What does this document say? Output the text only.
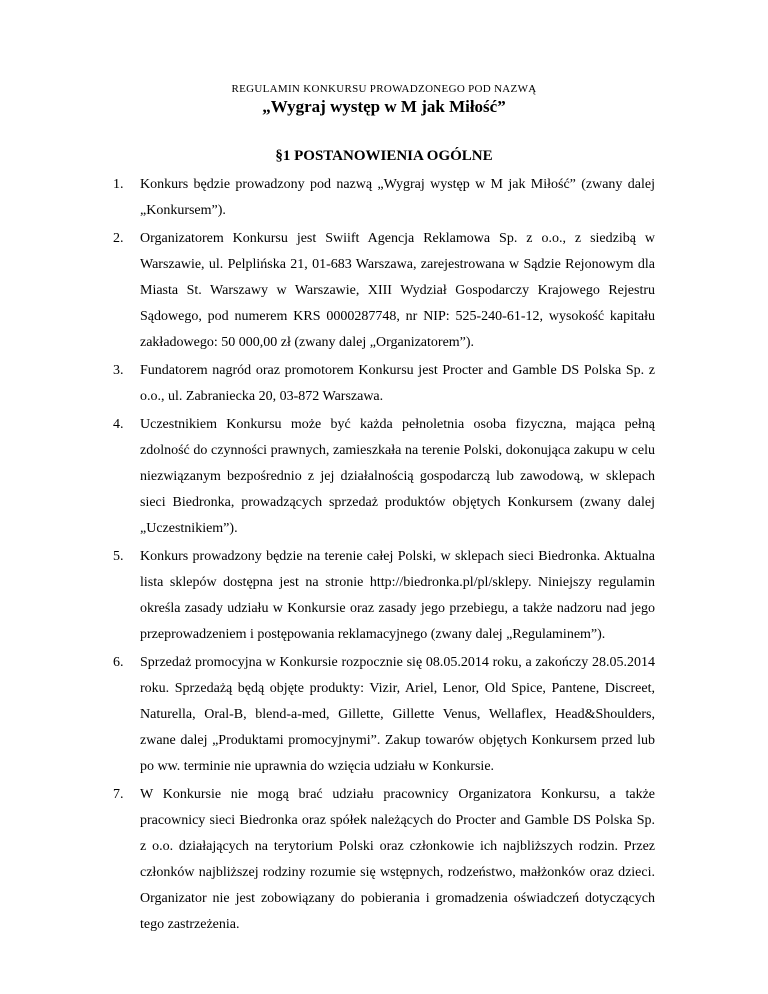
REGULAMIN KONKURSU PROWADZONEGO POD NAZWĄ
„Wygraj występ w M jak Miłość”
§1 POSTANOWIENIA OGÓLNE
1. Konkurs będzie prowadzony pod nazwą „Wygraj występ w M jak Miłość” (zwany dalej „Konkursem”).
2. Organizatorem Konkursu jest Swiift Agencja Reklamowa Sp. z o.o., z siedzibą w Warszawie, ul. Pelplińska 21, 01-683 Warszawa, zarejestrowana w Sądzie Rejonowym dla Miasta St. Warszawy w Warszawie, XIII Wydział Gospodarczy Krajowego Rejestru Sądowego, pod numerem KRS 0000287748, nr NIP: 525-240-61-12, wysokość kapitału zakładowego: 50 000,00 zł (zwany dalej „Organizatorem”).
3. Fundatorem nagród oraz promotorem Konkursu jest Procter and Gamble DS Polska Sp. z o.o., ul. Zabraniecka 20, 03-872 Warszawa.
4. Uczestnikiem Konkursu może być każda pełnoletnia osoba fizyczna, mająca pełną zdolność do czynności prawnych, zamieszkała na terenie Polski, dokonująca zakupu w celu niezwiązanym bezpośrednio z jej działalnością gospodarczą lub zawodową, w sklepach sieci Biedronka, prowadzących sprzedaż produktów objętych Konkursem (zwany dalej „Uczestnikiem”).
5. Konkurs prowadzony będzie na terenie całej Polski, w sklepach sieci Biedronka. Aktualna lista sklepów dostępna jest na stronie http://biedronka.pl/pl/sklepy. Niniejszy regulamin określa zasady udziału w Konkursie oraz zasady jego przebiegu, a także nadzoru nad jego przeprowadzeniem i postępowania reklamacyjnego (zwany dalej „Regulaminem”).
6. Sprzedaż promocyjna w Konkursie rozpocznie się 08.05.2014 roku, a zakończy 28.05.2014 roku. Sprzedażą będą objęte produkty: Vizir, Ariel, Lenor, Old Spice, Pantene, Discreet, Naturella, Oral-B, blend-a-med, Gillette, Gillette Venus, Wellaflex, Head&Shoulders, zwane dalej „Produktami promocyjnymi”. Zakup towarów objętych Konkursem przed lub po ww. terminie nie uprawnia do wzięcia udziału w Konkursie.
7. W Konkursie nie mogą brać udziału pracownicy Organizatora Konkursu, a także pracownicy sieci Biedronka oraz spółek należących do Procter and Gamble DS Polska Sp. z o.o. działających na terytorium Polski oraz członkowie ich najbliższych rodzin. Przez członków najbliższej rodziny rozumie się wstępnych, rodzeństwo, małżonków oraz dzieci. Organizator nie jest zobowiązany do pobierania i gromadzenia oświadczeń dotyczących tego zastrzeżenia.
